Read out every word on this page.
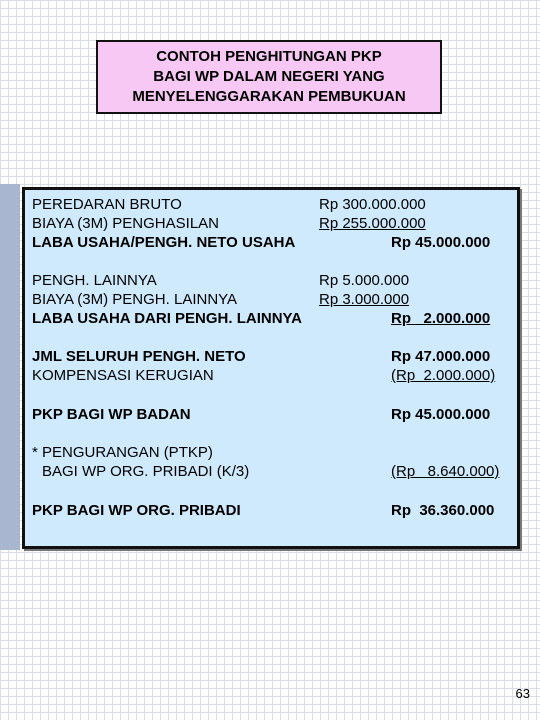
CONTOH PENGHITUNGAN PKP
BAGI WP DALAM NEGERI YANG
MENYELENGGARAKAN PEMBUKUAN
PEREDARAN BRUTO	Rp 300.000.000
BIAYA (3M) PENGHASILAN	Rp 255.000.000
LABA USAHA/PENGH. NETO USAHA	Rp 45.000.000
PENGH. LAINNYA	Rp 5.000.000
BIAYA (3M) PENGH. LAINNYA	Rp 3.000.000
LABA USAHA DARI PENGH. LAINNYA	Rp   2.000.000
JML SELURUH PENGH. NETO	Rp 47.000.000
KOMPENSASI KERUGIAN	(Rp  2.000.000)
PKP BAGI WP BADAN	Rp 45.000.000
* PENGURANGAN (PTKP)
BAGI WP ORG. PRIBADI (K/3)	(Rp   8.640.000)
PKP BAGI WP ORG. PRIBADI	Rp  36.360.000
63
